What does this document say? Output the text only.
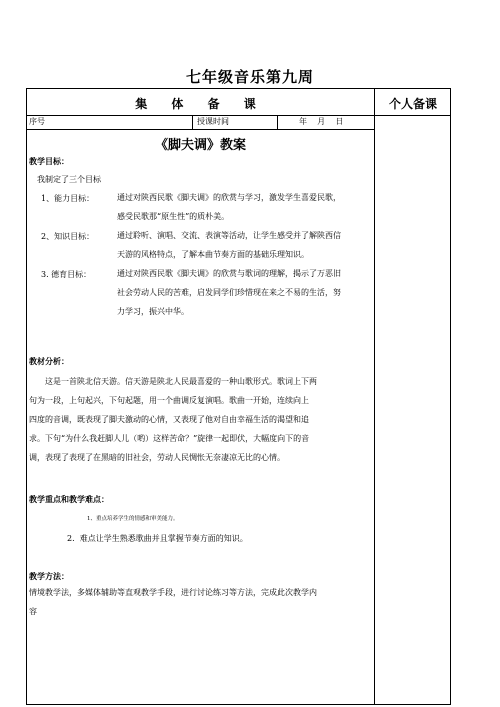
七年级音乐第九周
集 体 备 课	个人备课
序号	授课时间	年    月    日
《脚夫调》教案
教学目标：
我制定了三个目标
1、能力目标：	通过对陕西民歌《脚夫调》的欣赏与学习，激发学生喜爱民歌，
感受民歌那“原生性”的质朴美。
2、知识目标：	通过聆听、演唱、交流、表演等活动，让学生感受并了解陕西信
天游的风格特点，了解本曲节奏方面的基础乐理知识。
3. 德育目标：	通过对陕西民歌《脚夫调》的欣赏与歌词的理解，揭示了万恶旧
社会劳动人民的苦难，启发同学们珍惜现在来之不易的生活，努
力学习，振兴中华。
教材分析：
这是一首陕北信天游。信天游是陕北人民最喜爱的一种山歌形式。歌词上下两
句为一段，上句起兴，下句起题，用一个曲调反复演唱。歌曲一开始，连续向上
四度的音调，既表现了脚夫激动的心情，又表现了他对自由幸福生活的渴望和追
求。下句“为什么我赶脚人儿（哟）这样苦命？”旋律一起即伏，大幅度向下的音
调，表现了表现了在黑暗的旧社会，劳动人民惆怅无奈凄凉无比的心情。
教学重点和教学难点：
1、重点培养学生的情感和审美能力。
2.  难点让学生熟悉歌曲并且掌握节奏方面的知识。
教学方法：
情境教学法，多媒体辅助等直观教学手段，进行讨论练习等方法，完成此次教学内
容
